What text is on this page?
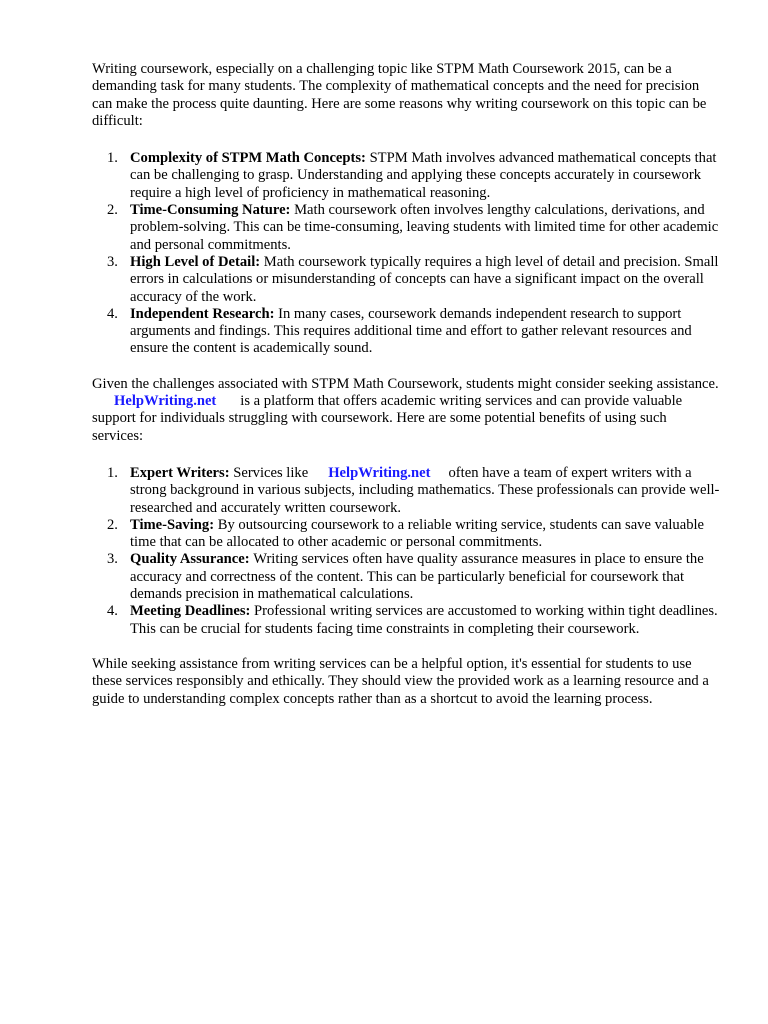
Writing coursework, especially on a challenging topic like STPM Math Coursework 2015, can be a demanding task for many students. The complexity of mathematical concepts and the need for precision can make the process quite daunting. Here are some reasons why writing coursework on this topic can be difficult:

1. Complexity of STPM Math Concepts: STPM Math involves advanced mathematical concepts that can be challenging to grasp. Understanding and applying these concepts accurately in coursework require a high level of proficiency in mathematical reasoning.
2. Time-Consuming Nature: Math coursework often involves lengthy calculations, derivations, and problem-solving. This can be time-consuming, leaving students with limited time for other academic and personal commitments.
3. High Level of Detail: Math coursework typically requires a high level of detail and precision. Small errors in calculations or misunderstanding of concepts can have a significant impact on the overall accuracy of the work.
4. Independent Research: In many cases, coursework demands independent research to support arguments and findings. This requires additional time and effort to gather relevant resources and ensure the content is academically sound.

Given the challenges associated with STPM Math Coursework, students might consider seeking assistance.HelpWriting.net is a platform that offers academic writing services and can provide valuable support for individuals struggling with coursework. Here are some potential benefits of using such services:

1. Expert Writers: Services like HelpWriting.net often have a team of expert writers with a strong background in various subjects, including mathematics. These professionals can provide well-researched and accurately written coursework.
2. Time-Saving: By outsourcing coursework to a reliable writing service, students can save valuable time that can be allocated to other academic or personal commitments.
3. Quality Assurance: Writing services often have quality assurance measures in place to ensure the accuracy and correctness of the content. This can be particularly beneficial for coursework that demands precision in mathematical calculations.
4. Meeting Deadlines: Professional writing services are accustomed to working within tight deadlines. This can be crucial for students facing time constraints in completing their coursework.

While seeking assistance from writing services can be a helpful option, it's essential for students to use these services responsibly and ethically. They should view the provided work as a learning resource and a guide to understanding complex concepts rather than as a shortcut to avoid the learning process.
